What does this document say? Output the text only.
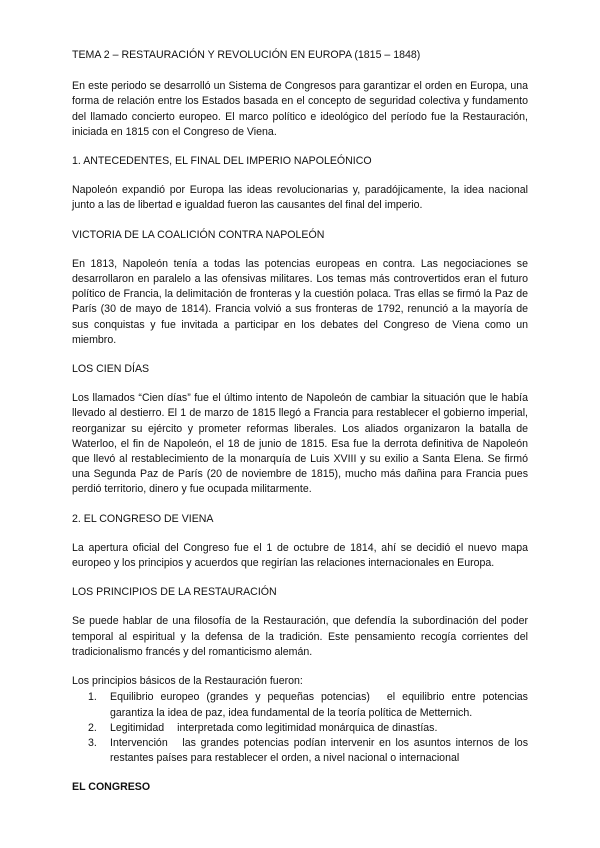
TEMA 2 – RESTAURACIÓN Y REVOLUCIÓN EN EUROPA (1815 – 1848)

En este periodo se desarrolló un Sistema de Congresos para garantizar el orden en Europa, una forma de relación entre los Estados basada en el concepto de seguridad colectiva y fundamento del llamado concierto europeo. El marco político e ideológico del período fue la Restauración, iniciada en 1815 con el Congreso de Viena.

1. ANTECEDENTES, EL FINAL DEL IMPERIO NAPOLEÓNICO

Napoleón expandió por Europa las ideas revolucionarias y, paradójicamente, la idea nacional junto a las de libertad e igualdad fueron las causantes del final del imperio.

VICTORIA DE LA COALICIÓN CONTRA NAPOLEÓN

En 1813, Napoleón tenía a todas las potencias europeas en contra. Las negociaciones se desarrollaron en paralelo a las ofensivas militares. Los temas más controvertidos eran el futuro político de Francia, la delimitación de fronteras y la cuestión polaca. Tras ellas se firmó la Paz de París (30 de mayo de 1814). Francia volvió a sus fronteras de 1792, renunció a la mayoría de sus conquistas y fue invitada a participar en los debates del Congreso de Viena como un miembro.

LOS CIEN DÍAS

Los llamados “Cien días” fue el último intento de Napoleón de cambiar la situación que le había llevado al destierro. El 1 de marzo de 1815 llegó a Francia para restablecer el gobierno imperial, reorganizar su ejército y prometer reformas liberales. Los aliados organizaron la batalla de Waterloo, el fin de Napoleón, el 18 de junio de 1815. Esa fue la derrota definitiva de Napoleón que llevó al restablecimiento de la monarquía de Luis XVIII y su exilio a Santa Elena. Se firmó una Segunda Paz de París (20 de noviembre de 1815), mucho más dañina para Francia pues perdió territorio, dinero y fue ocupada militarmente.

2. EL CONGRESO DE VIENA

La apertura oficial del Congreso fue el 1 de octubre de 1814, ahí se decidió el nuevo mapa europeo y los principios y acuerdos que regirían las relaciones internacionales en Europa.

LOS PRINCIPIOS DE LA RESTAURACIÓN

Se puede hablar de una filosofía de la Restauración, que defendía la subordinación del poder temporal al espiritual y la defensa de la tradición. Este pensamiento recogía corrientes del tradicionalismo francés y del romanticismo alemán.

Los principios básicos de la Restauración fueron:

1. Equilibrio europeo (grandes y pequeñas potencias) el equilibrio entre potencias garantiza la idea de paz, idea fundamental de la teoría política de Metternich.
2. Legitimidad interpretada como legitimidad monárquica de dinastías.
3. Intervención las grandes potencias podían intervenir en los asuntos internos de los restantes países para restablecer el orden, a nivel nacional o internacional
EL CONGRESO
